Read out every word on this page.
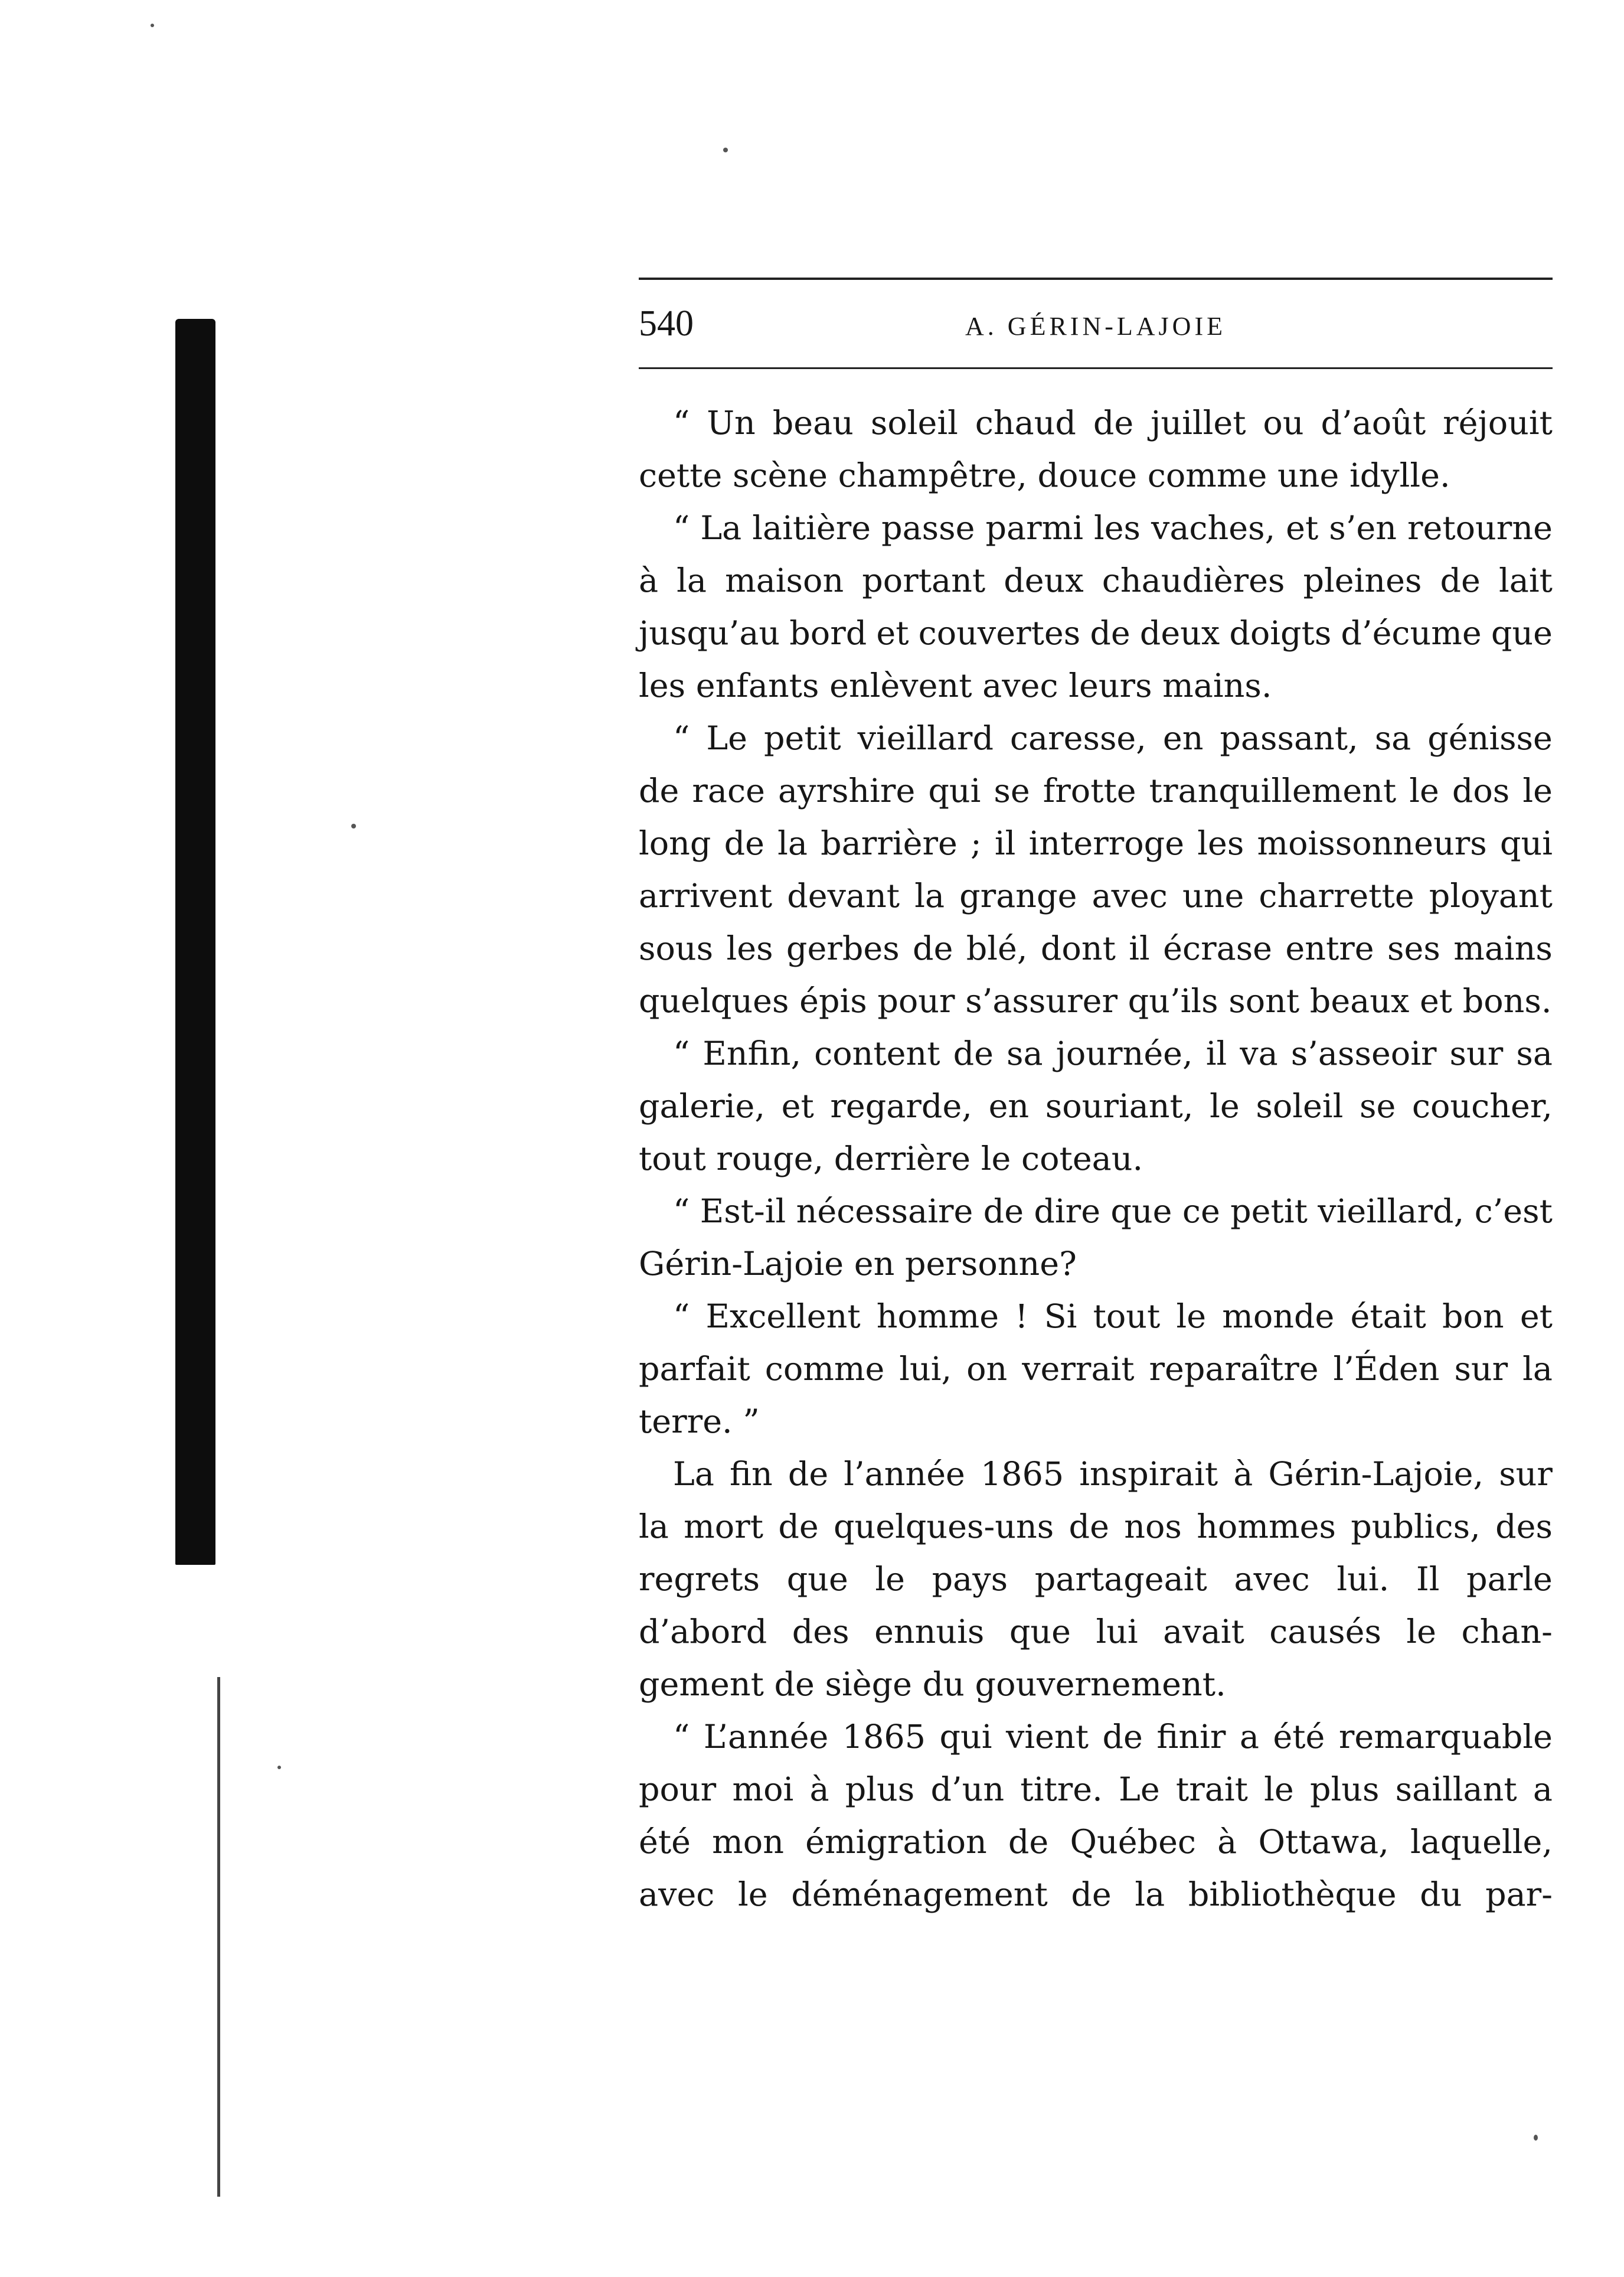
540	A. GÉRIN-LAJOIE
“ Un beau soleil chaud de juillet ou d’août réjouit
cette scène champêtre, douce comme une idylle.
“ La laitière passe parmi les vaches, et s’en retourne
à la maison portant deux chaudières pleines de lait
jusqu’au bord et couvertes de deux doigts d’écume que
les enfants enlèvent avec leurs mains.
“ Le petit vieillard caresse, en passant, sa génisse
de race ayrshire qui se frotte tranquillement le dos le
long de la barrière ; il interroge les moissonneurs qui
arrivent devant la grange avec une charrette ployant
sous les gerbes de blé, dont il écrase entre ses mains
quelques épis pour s’assurer qu’ils sont beaux et bons.
“ Enfin, content de sa journée, il va s’asseoir sur sa
galerie, et regarde, en souriant, le soleil se coucher,
tout rouge, derrière le coteau.
“ Est-il nécessaire de dire que ce petit vieillard, c’est
Gérin-Lajoie en personne?
“ Excellent homme ! Si tout le monde était bon et
parfait comme lui, on verrait reparaître l’Éden sur la
terre. ”
La fin de l’année 1865 inspirait à Gérin-Lajoie, sur
la mort de quelques-uns de nos hommes publics, des
regrets que le pays partageait avec lui. Il parle
d’abord des ennuis que lui avait causés le chan-
gement de siège du gouvernement.
“ L’année 1865 qui vient de finir a été remarquable
pour moi à plus d’un titre. Le trait le plus saillant a
été mon émigration de Québec à Ottawa, laquelle,
avec le déménagement de la bibliothèque du par-
